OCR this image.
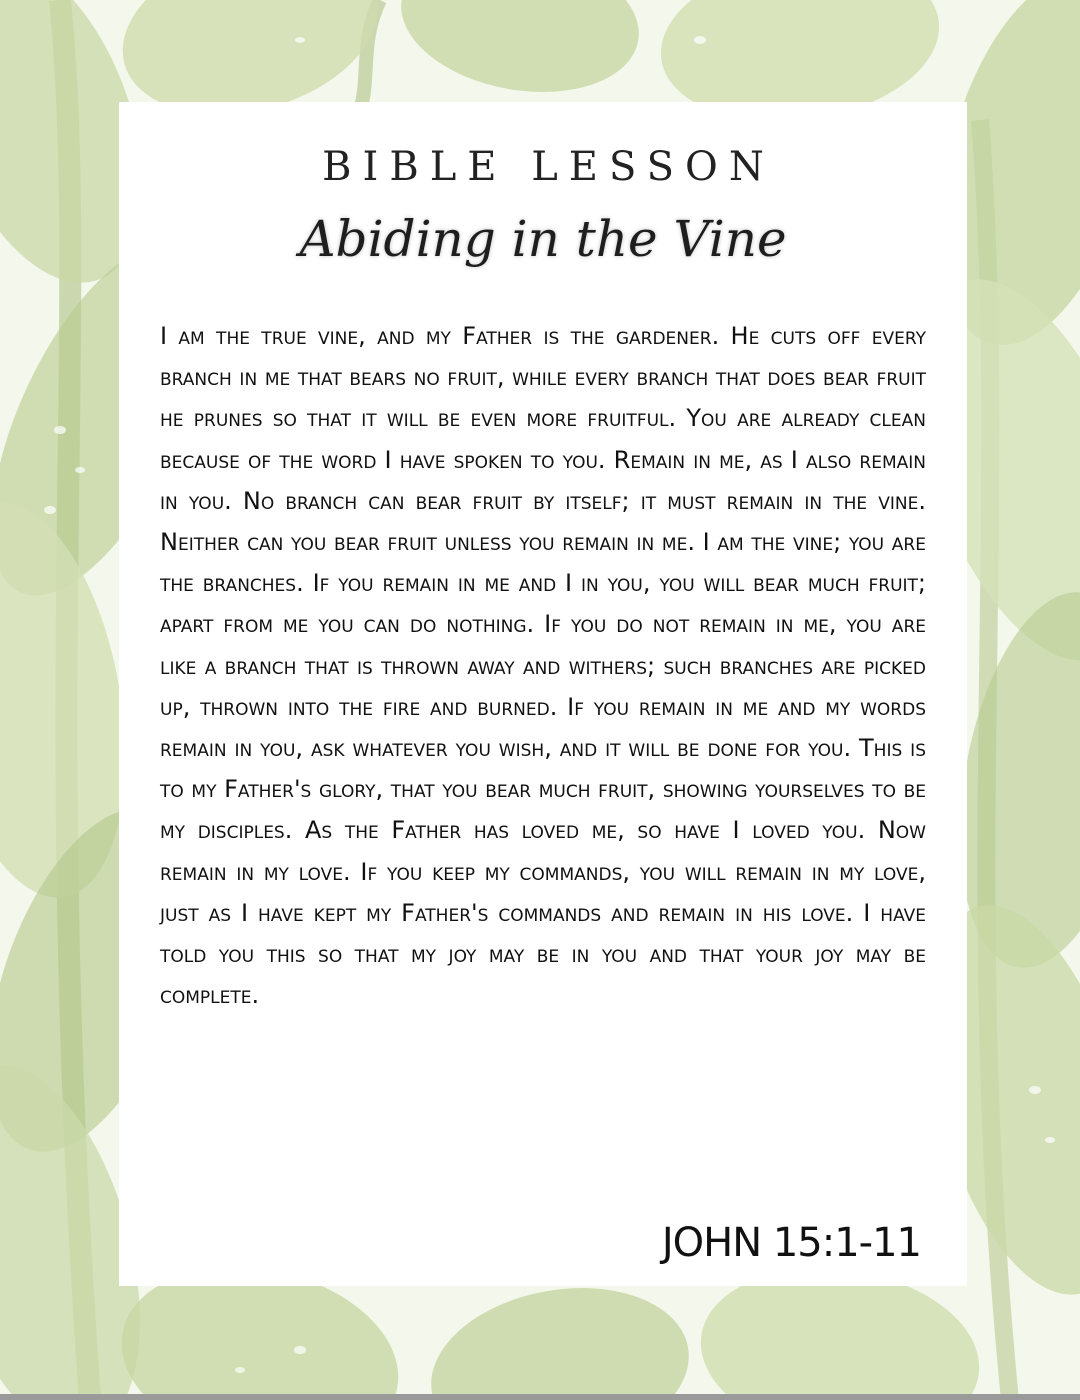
BIBLE LESSON
Abiding in the Vine

I am the true vine, and my Father is the gardener. He cuts off every branch in me that bears no fruit, while every branch that does bear fruit he prunes so that it will be even more fruitful. You are already clean because of the word I have spoken to you. Remain in me, as I also remain in you. No branch can bear fruit by itself; it must remain in the vine. Neither can you bear fruit unless you remain in me. I am the vine; you are the branches. If you remain in me and I in you, you will bear much fruit; apart from me you can do nothing. If you do not remain in me, you are like a branch that is thrown away and withers; such branches are picked up, thrown into the fire and burned. If you remain in me and my words remain in you, ask whatever you wish, and it will be done for you. This is to my Father's glory, that you bear much fruit, showing yourselves to be my disciples. As the Father has loved me, so have I loved you. Now remain in my love. If you keep my commands, you will remain in my love, just as I have kept my Father's commands and remain in his love. I have told you this so that my joy may be in you and that your joy may be complete.

JOHN 15:1-11
